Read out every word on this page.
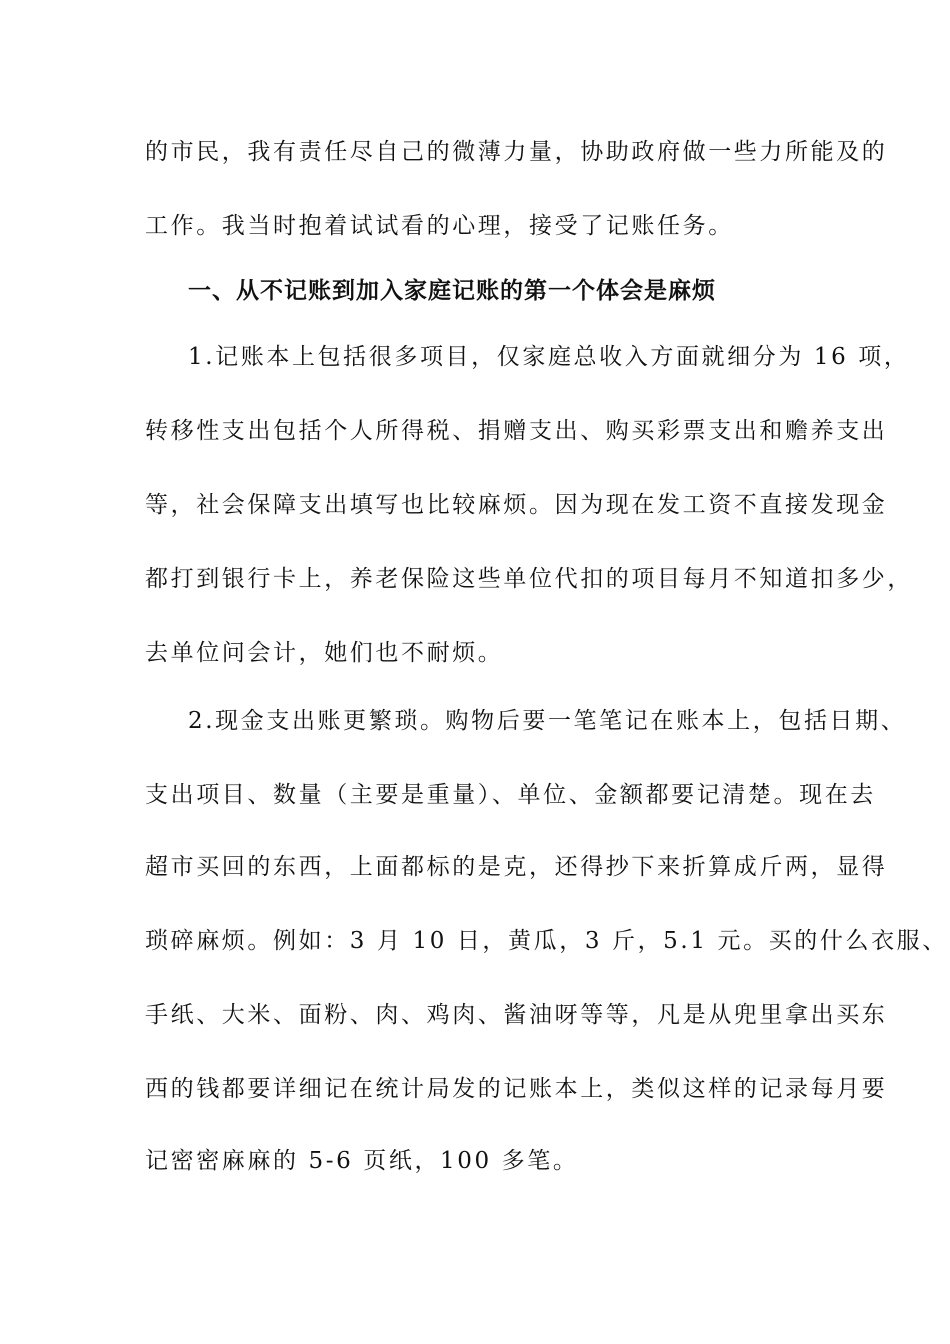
的市民，我有责任尽自己的微薄力量，协助政府做一些力所能及的
工作。我当时抱着试试看的心理，接受了记账任务。
一、从不记账到加入家庭记账的第一个体会是麻烦
1.记账本上包括很多项目，仅家庭总收入方面就细分为 16 项，
转移性支出包括个人所得税、捐赠支出、购买彩票支出和赡养支出
等，社会保障支出填写也比较麻烦。因为现在发工资不直接发现金
都打到银行卡上，养老保险这些单位代扣的项目每月不知道扣多少，
去单位问会计，她们也不耐烦。
2.现金支出账更繁琐。购物后要一笔笔记在账本上，包括日期、
支出项目、数量（主要是重量）、单位、金额都要记清楚。现在去
超市买回的东西，上面都标的是克，还得抄下来折算成斤两，显得
琐碎麻烦。例如：3 月 10 日，黄瓜，3 斤，5.1 元。买的什么衣服、
手纸、大米、面粉、肉、鸡肉、酱油呀等等，凡是从兜里拿出买东
西的钱都要详细记在统计局发的记账本上，类似这样的记录每月要
记密密麻麻的 5-6 页纸，100 多笔。
